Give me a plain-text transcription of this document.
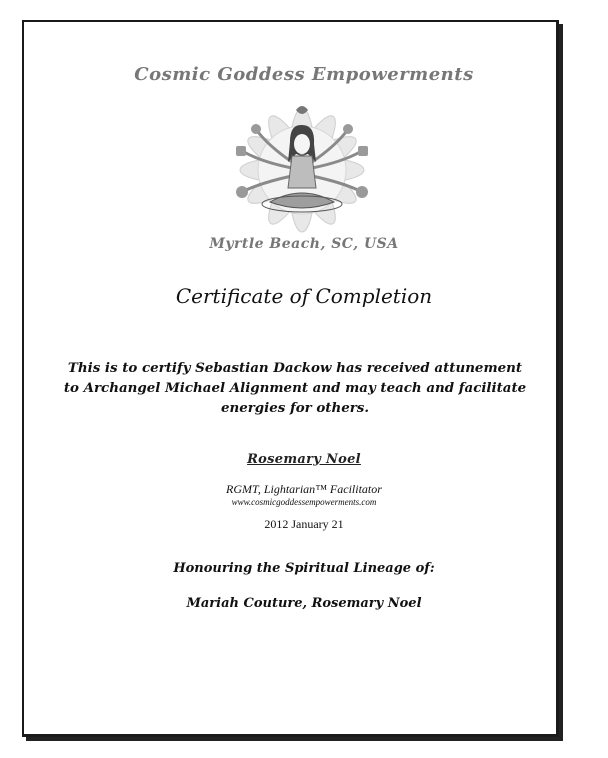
Cosmic Goddess Empowerments
Myrtle Beach, SC, USA
Certificate of Completion
This is to certify Sebastian Dackow has received attunement to Archangel Michael Alignment and may teach and facilitate energies for others.
Rosemary Noel
RGMT, Lightarian™ Facilitator
www.cosmicgoddessempowerments.com
2012 January 21
Honouring the Spiritual Lineage of:
Mariah Couture, Rosemary Noel
